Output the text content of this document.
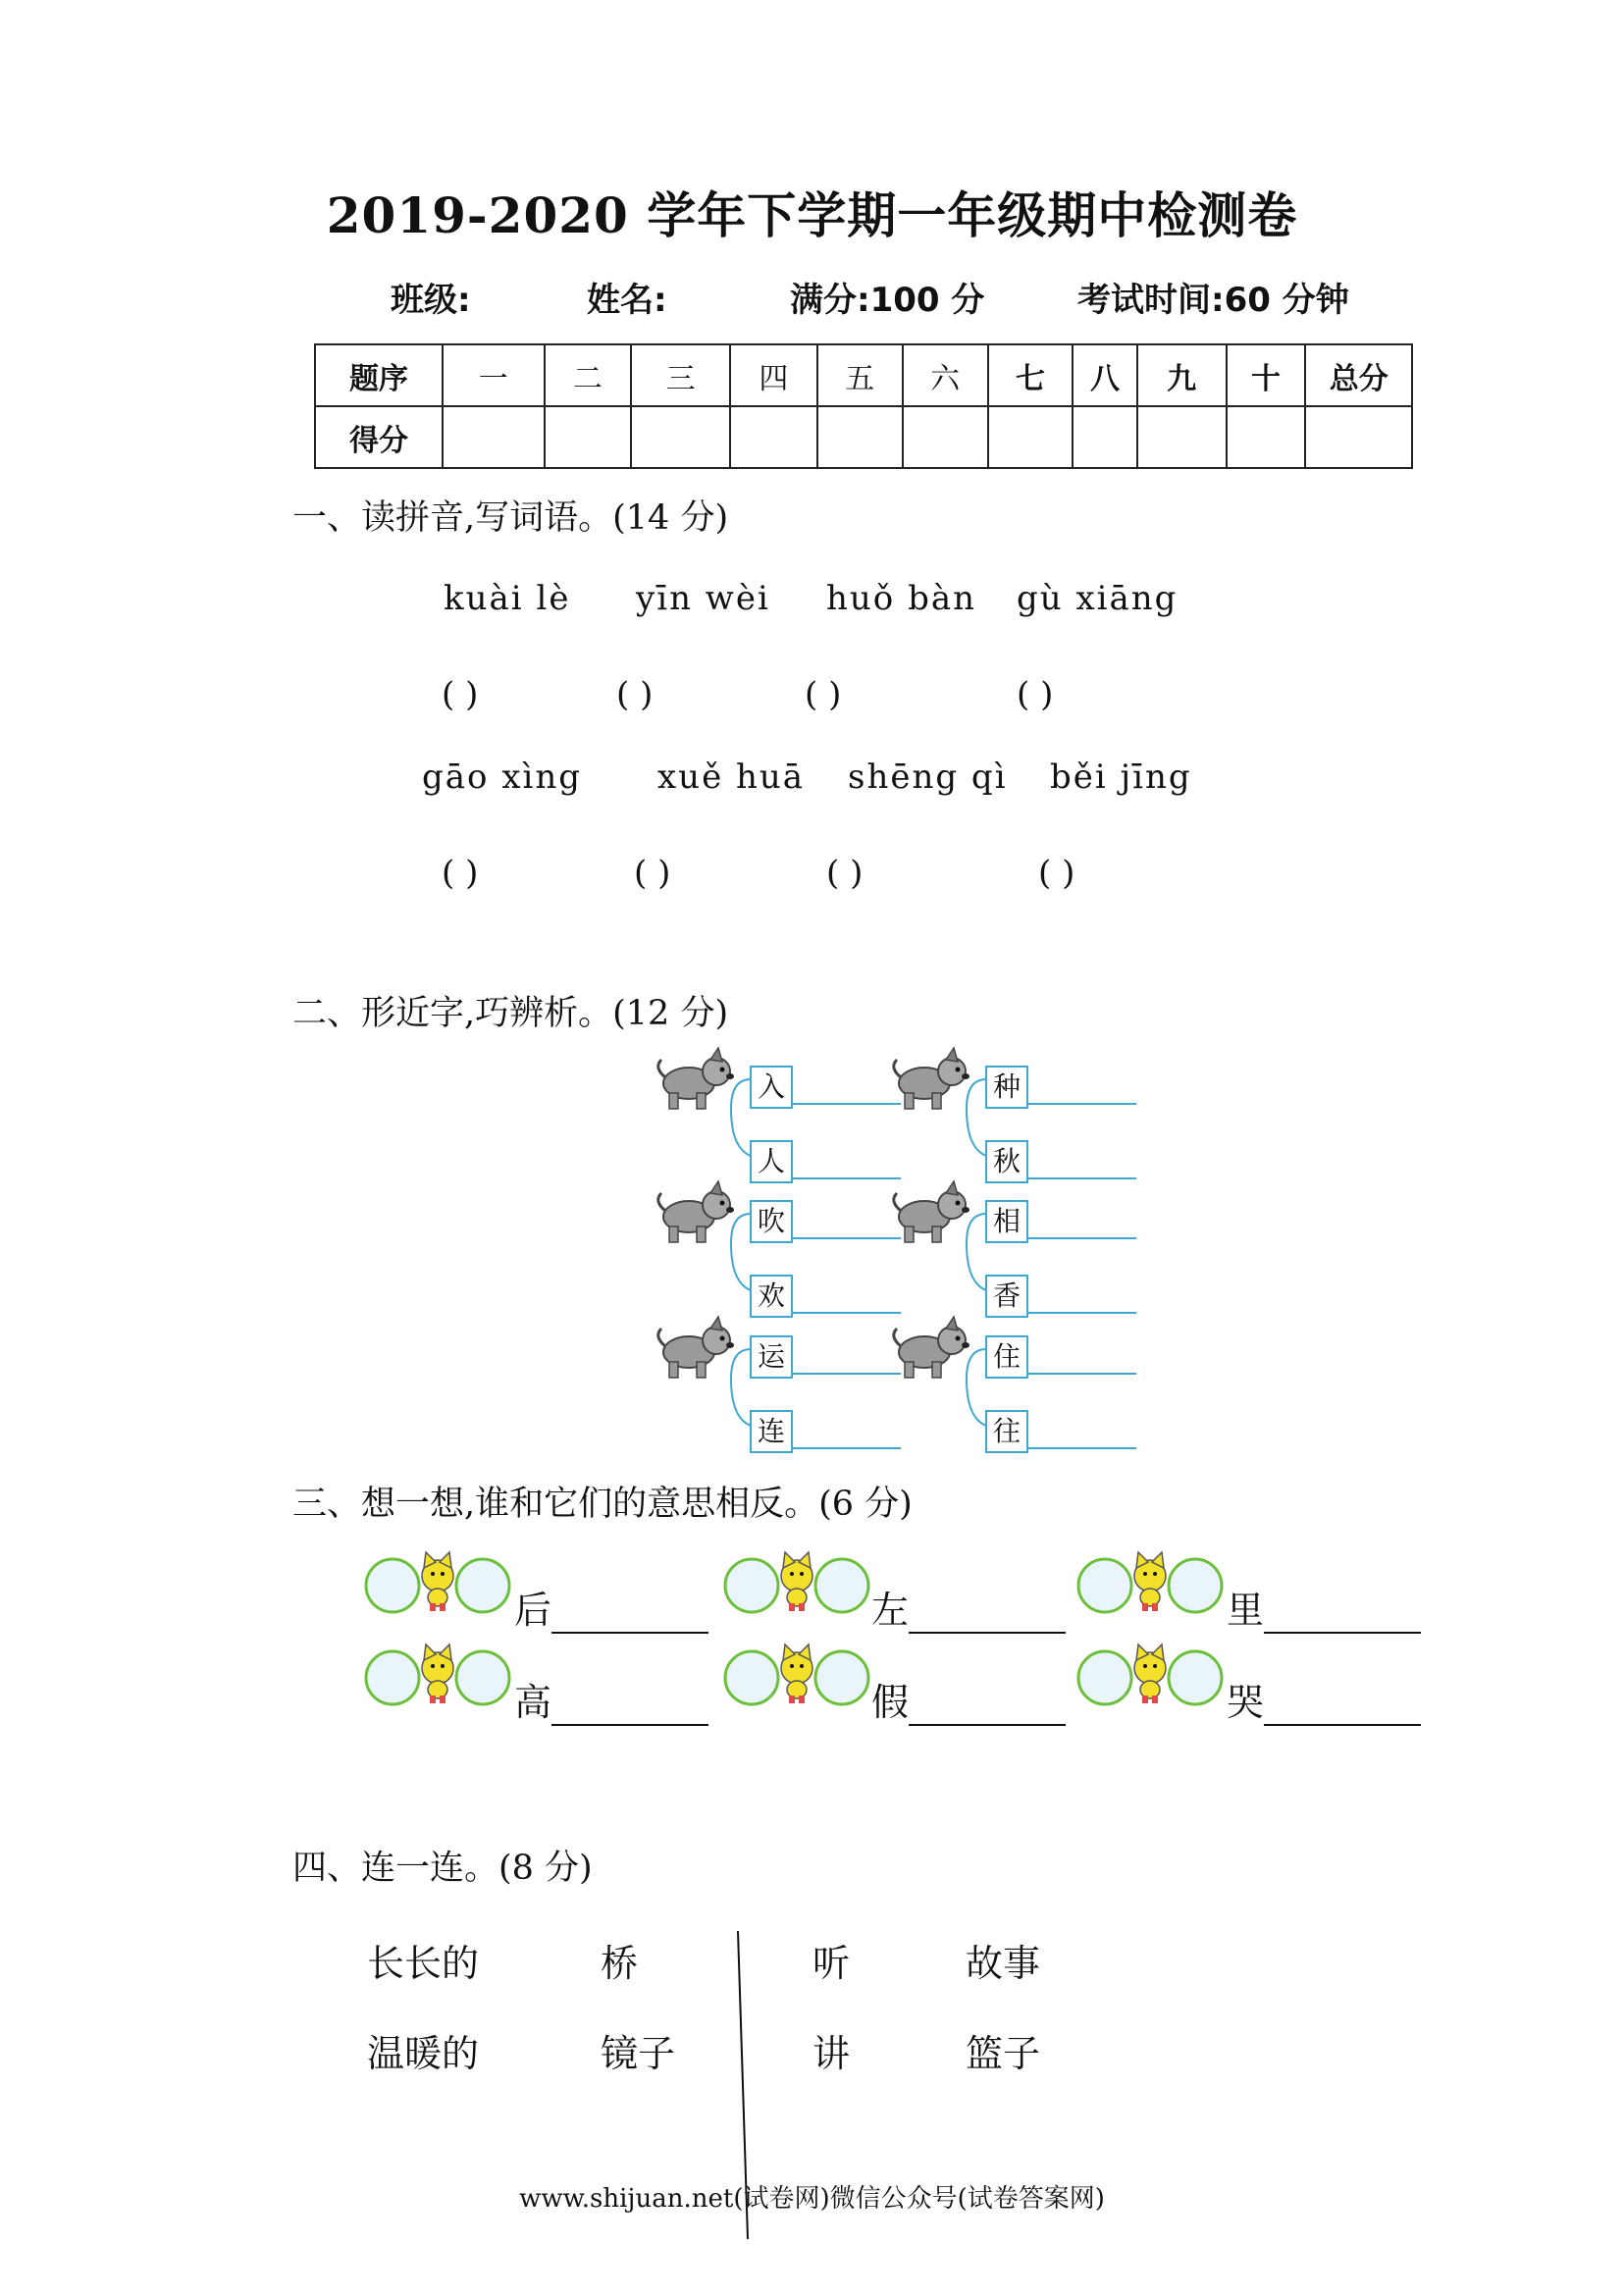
2019-2020 学年下学期一年级期中检测卷
班级:	姓名:	满分:100 分	考试时间:60 分钟
题序	一	二	三	四	五	六	七	八	九	十	总分
得分											
一、读拼音,写词语。(14 分)
kuài lè yīn wèi huǒ bàn gù xiāng
( )	( )	( )	( )
gāo xìng xuě huā shēng qì běi jīng
( )	( )	( )	( )
二、形近字,巧辨析。(12 分)
入
人
种
秋
吹
欢
相
香
运
连
住
往
三、想一想,谁和它们的意思相反。(6 分)
后	左	里
高	假	哭
四、连一连。(8 分)
长长的	桥	听	故事
温暖的	镜子	讲	篮子
www.shijuan.net(试卷网)微信公众号(试卷答案网)
